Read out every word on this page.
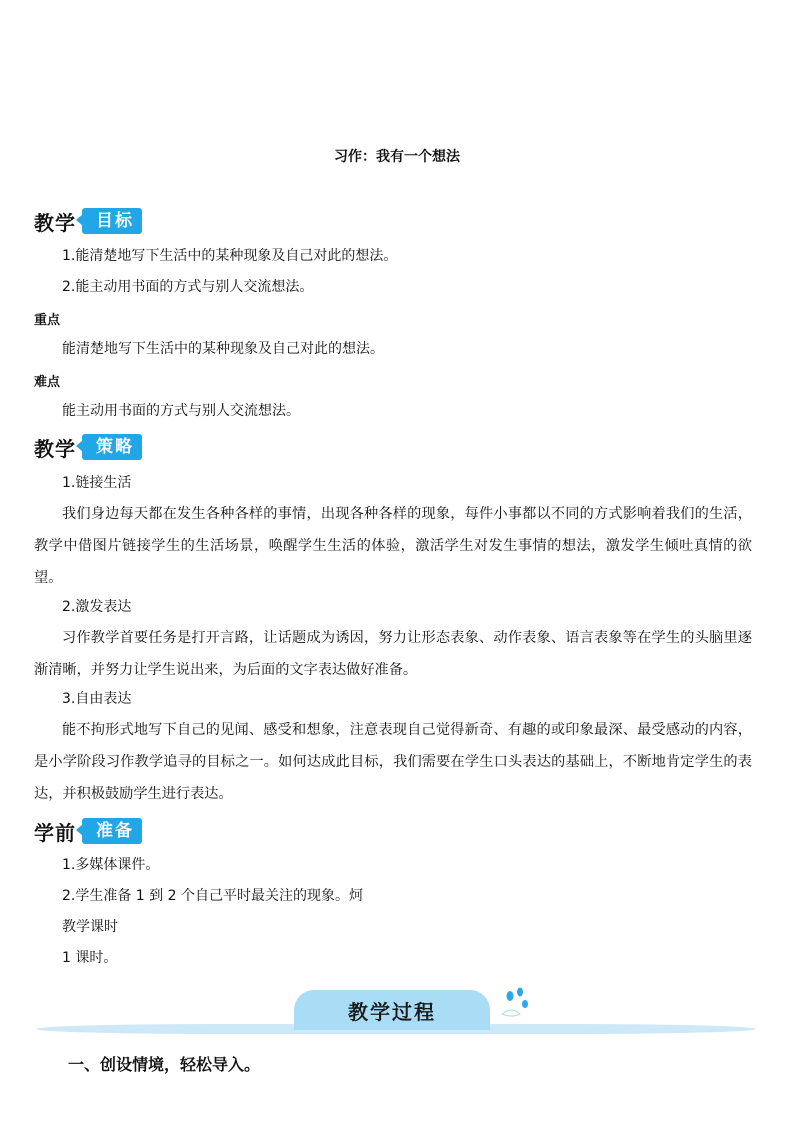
习作：我有一个想法
教学	目标
1.能清楚地写下生活中的某种现象及自己对此的想法。
2.能主动用书面的方式与别人交流想法。
重点
能清楚地写下生活中的某种现象及自己对此的想法。
难点
能主动用书面的方式与别人交流想法。
教学	策略
1.链接生活
我们身边每天都在发生各种各样的事情，出现各种各样的现象，每件小事都以不同的方式影响着我们的生活，教学中借图片链接学生的生活场景，唤醒学生生活的体验，激活学生对发生事情的想法，激发学生倾吐真情的欲望。
2.激发表达
习作教学首要任务是打开言路，让话题成为诱因，努力让形态表象、动作表象、语言表象等在学生的头脑里逐渐清晰，并努力让学生说出来，为后面的文字表达做好准备。
3.自由表达
能不拘形式地写下自己的见闻、感受和想象，注意表现自己觉得新奇、有趣的或印象最深、最受感动的内容，是小学阶段习作教学追寻的目标之一。如何达成此目标，我们需要在学生口头表达的基础上，不断地肯定学生的表达，并积极鼓励学生进行表达。
学前	准备
1.多媒体课件。
2.学生准备 1 到 2 个自己平时最关注的现象。炣
教学课时
1 课时。
教学过程
一、创设情境，轻松导入。
